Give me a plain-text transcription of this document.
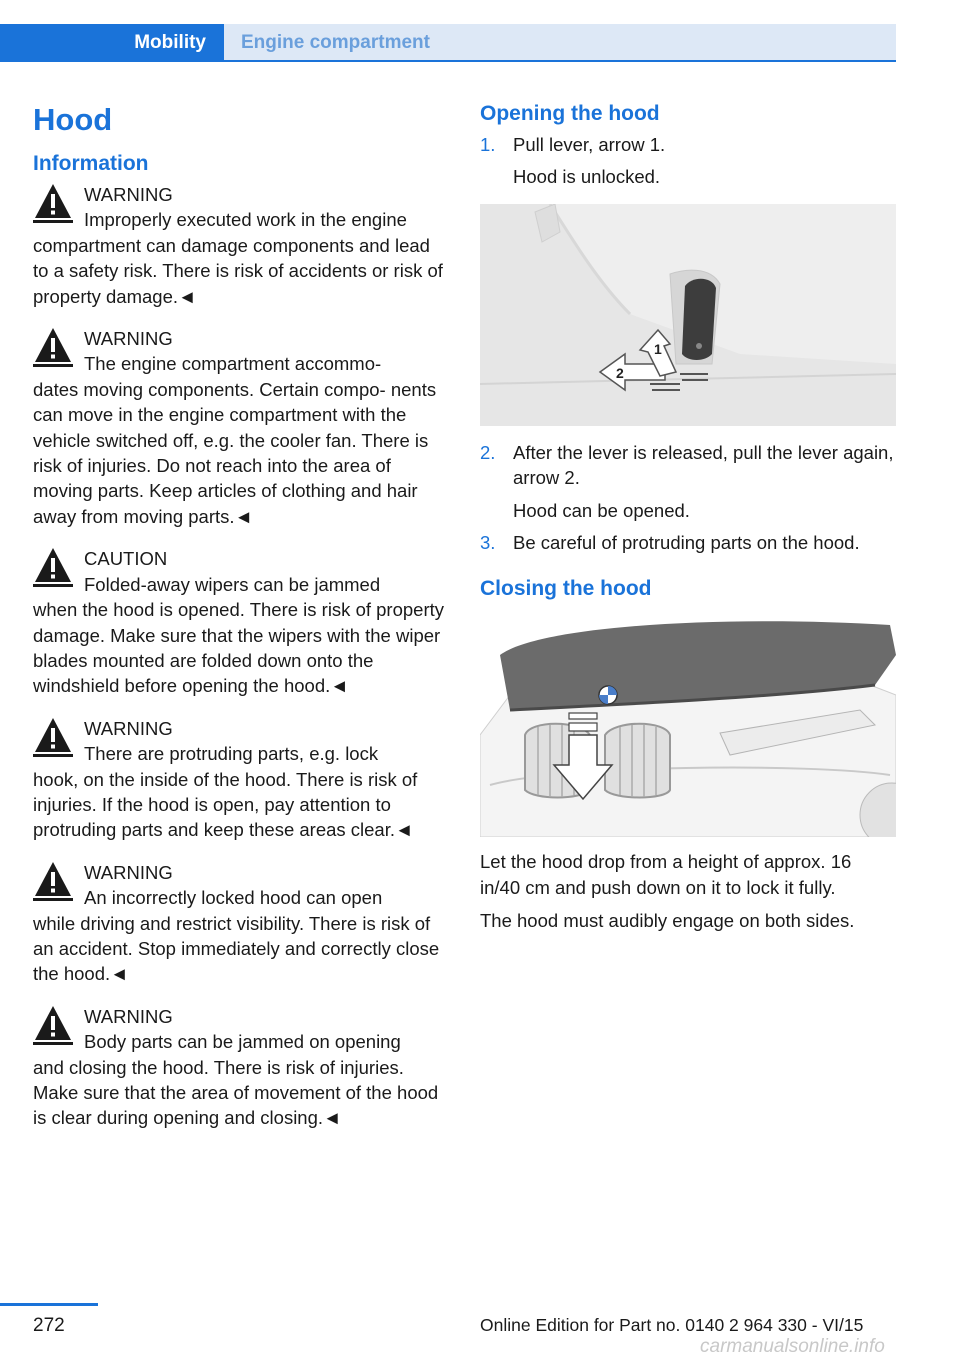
Mobility	Engine compartment
Hood
Information
WARNING
Improperly executed work in the engine
compartment can damage components and lead to a safety risk. There is risk of accidents or risk of property damage.◄
WARNING
The engine compartment accommo‐
dates moving components. Certain compo‐ nents can move in the engine compartment with the vehicle switched off, e.g. the cooler fan. There is risk of injuries. Do not reach into the area of moving parts. Keep articles of clothing and hair away from moving parts.◄
CAUTION
Folded-away wipers can be jammed
when the hood is opened. There is risk of property damage. Make sure that the wipers with the wiper blades mounted are folded down onto the windshield before opening the hood.◄
WARNING
There are protruding parts, e.g. lock
hook, on the inside of the hood. There is risk of injuries. If the hood is open, pay attention to protruding parts and keep these areas clear.◄
WARNING
An incorrectly locked hood can open
while driving and restrict visibility. There is risk of an accident. Stop immediately and correctly close the hood.◄
WARNING
Body parts can be jammed on opening
and closing the hood. There is risk of injuries. Make sure that the area of movement of the hood is clear during opening and closing.◄
Opening the hood
1. Pull lever, arrow 1.
Hood is unlocked.
2
1
2. After the lever is released, pull the lever again, arrow 2.
Hood can be opened.
3. Be careful of protruding parts on the hood.
Closing the hood
Let the hood drop from a height of approx. 16 in/40 cm and push down on it to lock it fully.
The hood must audibly engage on both sides.
272	Online Edition for Part no. 0140 2 964 330 - VI/15
carmanualsonline.info
